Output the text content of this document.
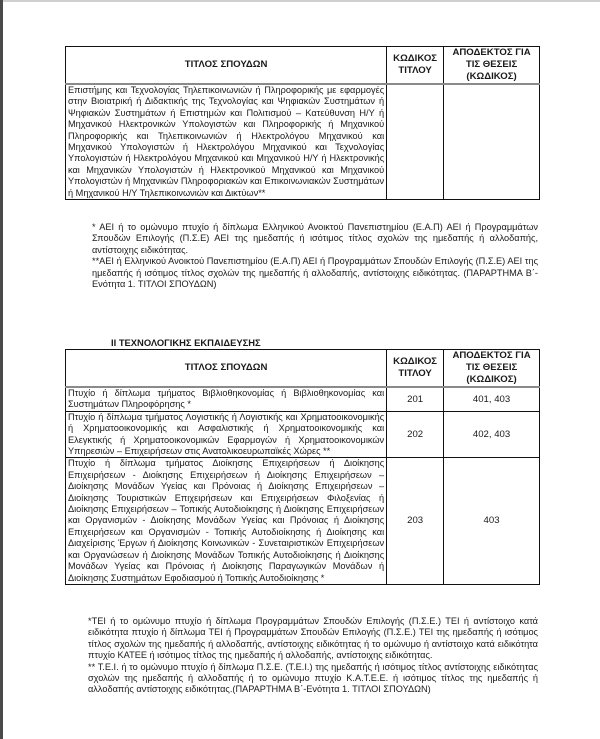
ΤΙΤΛΟΣ ΣΠΟΥΔΩΝ	ΚΩΔΙΚΟΣ ΤΙΤΛΟΥ	ΑΠΟΔΕΚΤΟΣ ΓΙΑ ΤΙΣ ΘΕΣΕΙΣ (ΚΩΔΙΚΟΣ)
Επιστήμης και Τεχνολογίας Τηλεπικοινωνιών ή Πληροφορικής με εφαρμογές στην Βιοιατρική ή Διδακτικής της Τεχνολογίας και Ψηφιακών Συστημάτων ή Ψηφιακών Συστημάτων ή Επιστημών και Πολιτισμού – Κατεύθυνση Η/Υ ή Μηχανικού Ηλεκτρονικών Υπολογιστών και Πληροφορικής ή Μηχανικού Πληροφορικής και Τηλεπικοινωνιών ή Ηλεκτρολόγου Μηχανικού και Μηχανικού Υπολογιστών ή Ηλεκτρολόγου Μηχανικού και Τεχνολογίας Υπολογιστών ή Ηλεκτρολόγου Μηχανικού και Μηχανικού Η/Υ ή Ηλεκτρονικής και Μηχανικών Υπολογιστών ή Ηλεκτρονικού Μηχανικού και Μηχανικού Υπολογιστών ή Μηχανικών Πληροφοριακών και Επικοινωνιακών Συστημάτων ή Μηχανικού Η/Υ Τηλεπικοινωνιών και Δικτύων**		

* ΑΕΙ ή το ομώνυμο πτυχίο ή δίπλωμα Ελληνικού Ανοικτού Πανεπιστημίου (Ε.Α.Π) ΑΕΙ ή Προγραμμάτων Σπουδών Επιλογής (Π.Σ.Ε) ΑΕΙ της ημεδαπής ή ισότιμος τίτλος σχολών της ημεδαπής ή αλλοδαπής, αντίστοιχης ειδικότητας.

**ΑΕΙ ή Ελληνικού Ανοικτού Πανεπιστημίου (Ε.Α.Π) ΑΕΙ ή Προγραμμάτων Σπουδών Επιλογής (Π.Σ.Ε) ΑΕΙ της ημεδαπής ή ισότιμος τίτλος σχολών της ημεδαπής ή αλλοδαπής, αντίστοιχης ειδικότητας. (ΠΑΡΑΡΤΗΜΑ Β΄-Ενότητα 1. ΤΙΤΛΟΙ ΣΠΟΥΔΩΝ)

II ΤΕΧΝΟΛΟΓΙΚΗΣ ΕΚΠΑΙΔΕΥΣΗΣ
ΤΙΤΛΟΣ ΣΠΟΥΔΩΝ	ΚΩΔΙΚΟΣ ΤΙΤΛΟΥ	ΑΠΟΔΕΚΤΟΣ ΓΙΑ ΤΙΣ ΘΕΣΕΙΣ (ΚΩΔΙΚΟΣ)
Πτυχίο ή δίπλωμα τμήματος Βιβλιοθηκονομίας ή Βιβλιοθηκονομίας και Συστημάτων Πληροφόρησης *	201	401, 403
Πτυχίο ή δίπλωμα τμήματος Λογιστικής ή Λογιστικής και Χρηματοοικονομικής ή Χρηματοοικονομικής και Ασφαλιστικής ή Χρηματοοικονομικής και Ελεγκτικής ή Χρηματοοικονομικών Εφαρμογών ή Χρηματοοικονομικών Υπηρεσιών – Επιχειρήσεων στις Ανατολικοευρωπαϊκές Χώρες **	202	402, 403
Πτυχίο ή δίπλωμα τμήματος Διοίκησης Επιχειρήσεων ή Διοίκησης Επιχειρήσεων - Διοίκησης Επιχειρήσεων ή Διοίκησης Επιχειρήσεων – Διοίκησης Μονάδων Υγείας και Πρόνοιας ή Διοίκησης Επιχειρήσεων – Διοίκησης Τουριστικών Επιχειρήσεων και Επιχειρήσεων Φιλοξενίας ή Διοίκησης Επιχειρήσεων – Τοπικής Αυτοδιοίκησης ή Διοίκησης Επιχειρήσεων και Οργανισμών - Διοίκησης Μονάδων Υγείας και Πρόνοιας ή Διοίκησης Επιχειρήσεων και Οργανισμών - Τοπικής Αυτοδιοίκησης ή Διοίκησης και Διαχείρισης Έργων ή Διοίκησης Κοινωνικών - Συνεταιριστικών Επιχειρήσεων και Οργανώσεων ή Διοίκησης Μονάδων Τοπικής Αυτοδιοίκησης ή Διοίκησης Μονάδων Υγείας και Πρόνοιας ή Διοίκησης Παραγωγικών Μονάδων ή Διοίκησης Συστημάτων Εφοδιασμού ή Τοπικής Αυτοδιοίκησης *	203	403

*ΤΕΙ ή το ομώνυμο πτυχίο ή δίπλωμα Προγραμμάτων Σπουδών Επιλογής (Π.Σ.Ε.) ΤΕΙ ή αντίστοιχο κατά ειδικότητα πτυχίο ή δίπλωμα ΤΕΙ ή Προγραμμάτων Σπουδών Επιλογής (Π.Σ.Ε.) ΤΕΙ της ημεδαπής ή ισότιμος τίτλος σχολών της ημεδαπής ή αλλοδαπής, αντίστοιχης ειδικότητας ή το ομώνυμο ή αντίστοιχο κατά ειδικότητα πτυχίο ΚΑΤΕΕ ή ισότιμος τίτλος της ημεδαπής ή αλλοδαπής, αντίστοιχης ειδικότητας.

** Τ.Ε.Ι. ή το ομώνυμο πτυχίο ή δίπλωμα Π.Σ.Ε. (Τ.Ε.Ι.) της ημεδαπής ή ισότιμος τίτλος αντίστοιχης ειδικότητας σχολών της ημεδαπής ή αλλοδαπής ή το ομώνυμο πτυχίο Κ.Α.Τ.Ε.Ε. ή ισότιμος τίτλος της ημεδαπής ή αλλοδαπής αντίστοιχης ειδικότητας.(ΠΑΡΑΡΤΗΜΑ Β΄-Ενότητα 1. ΤΙΤΛΟΙ ΣΠΟΥΔΩΝ)
